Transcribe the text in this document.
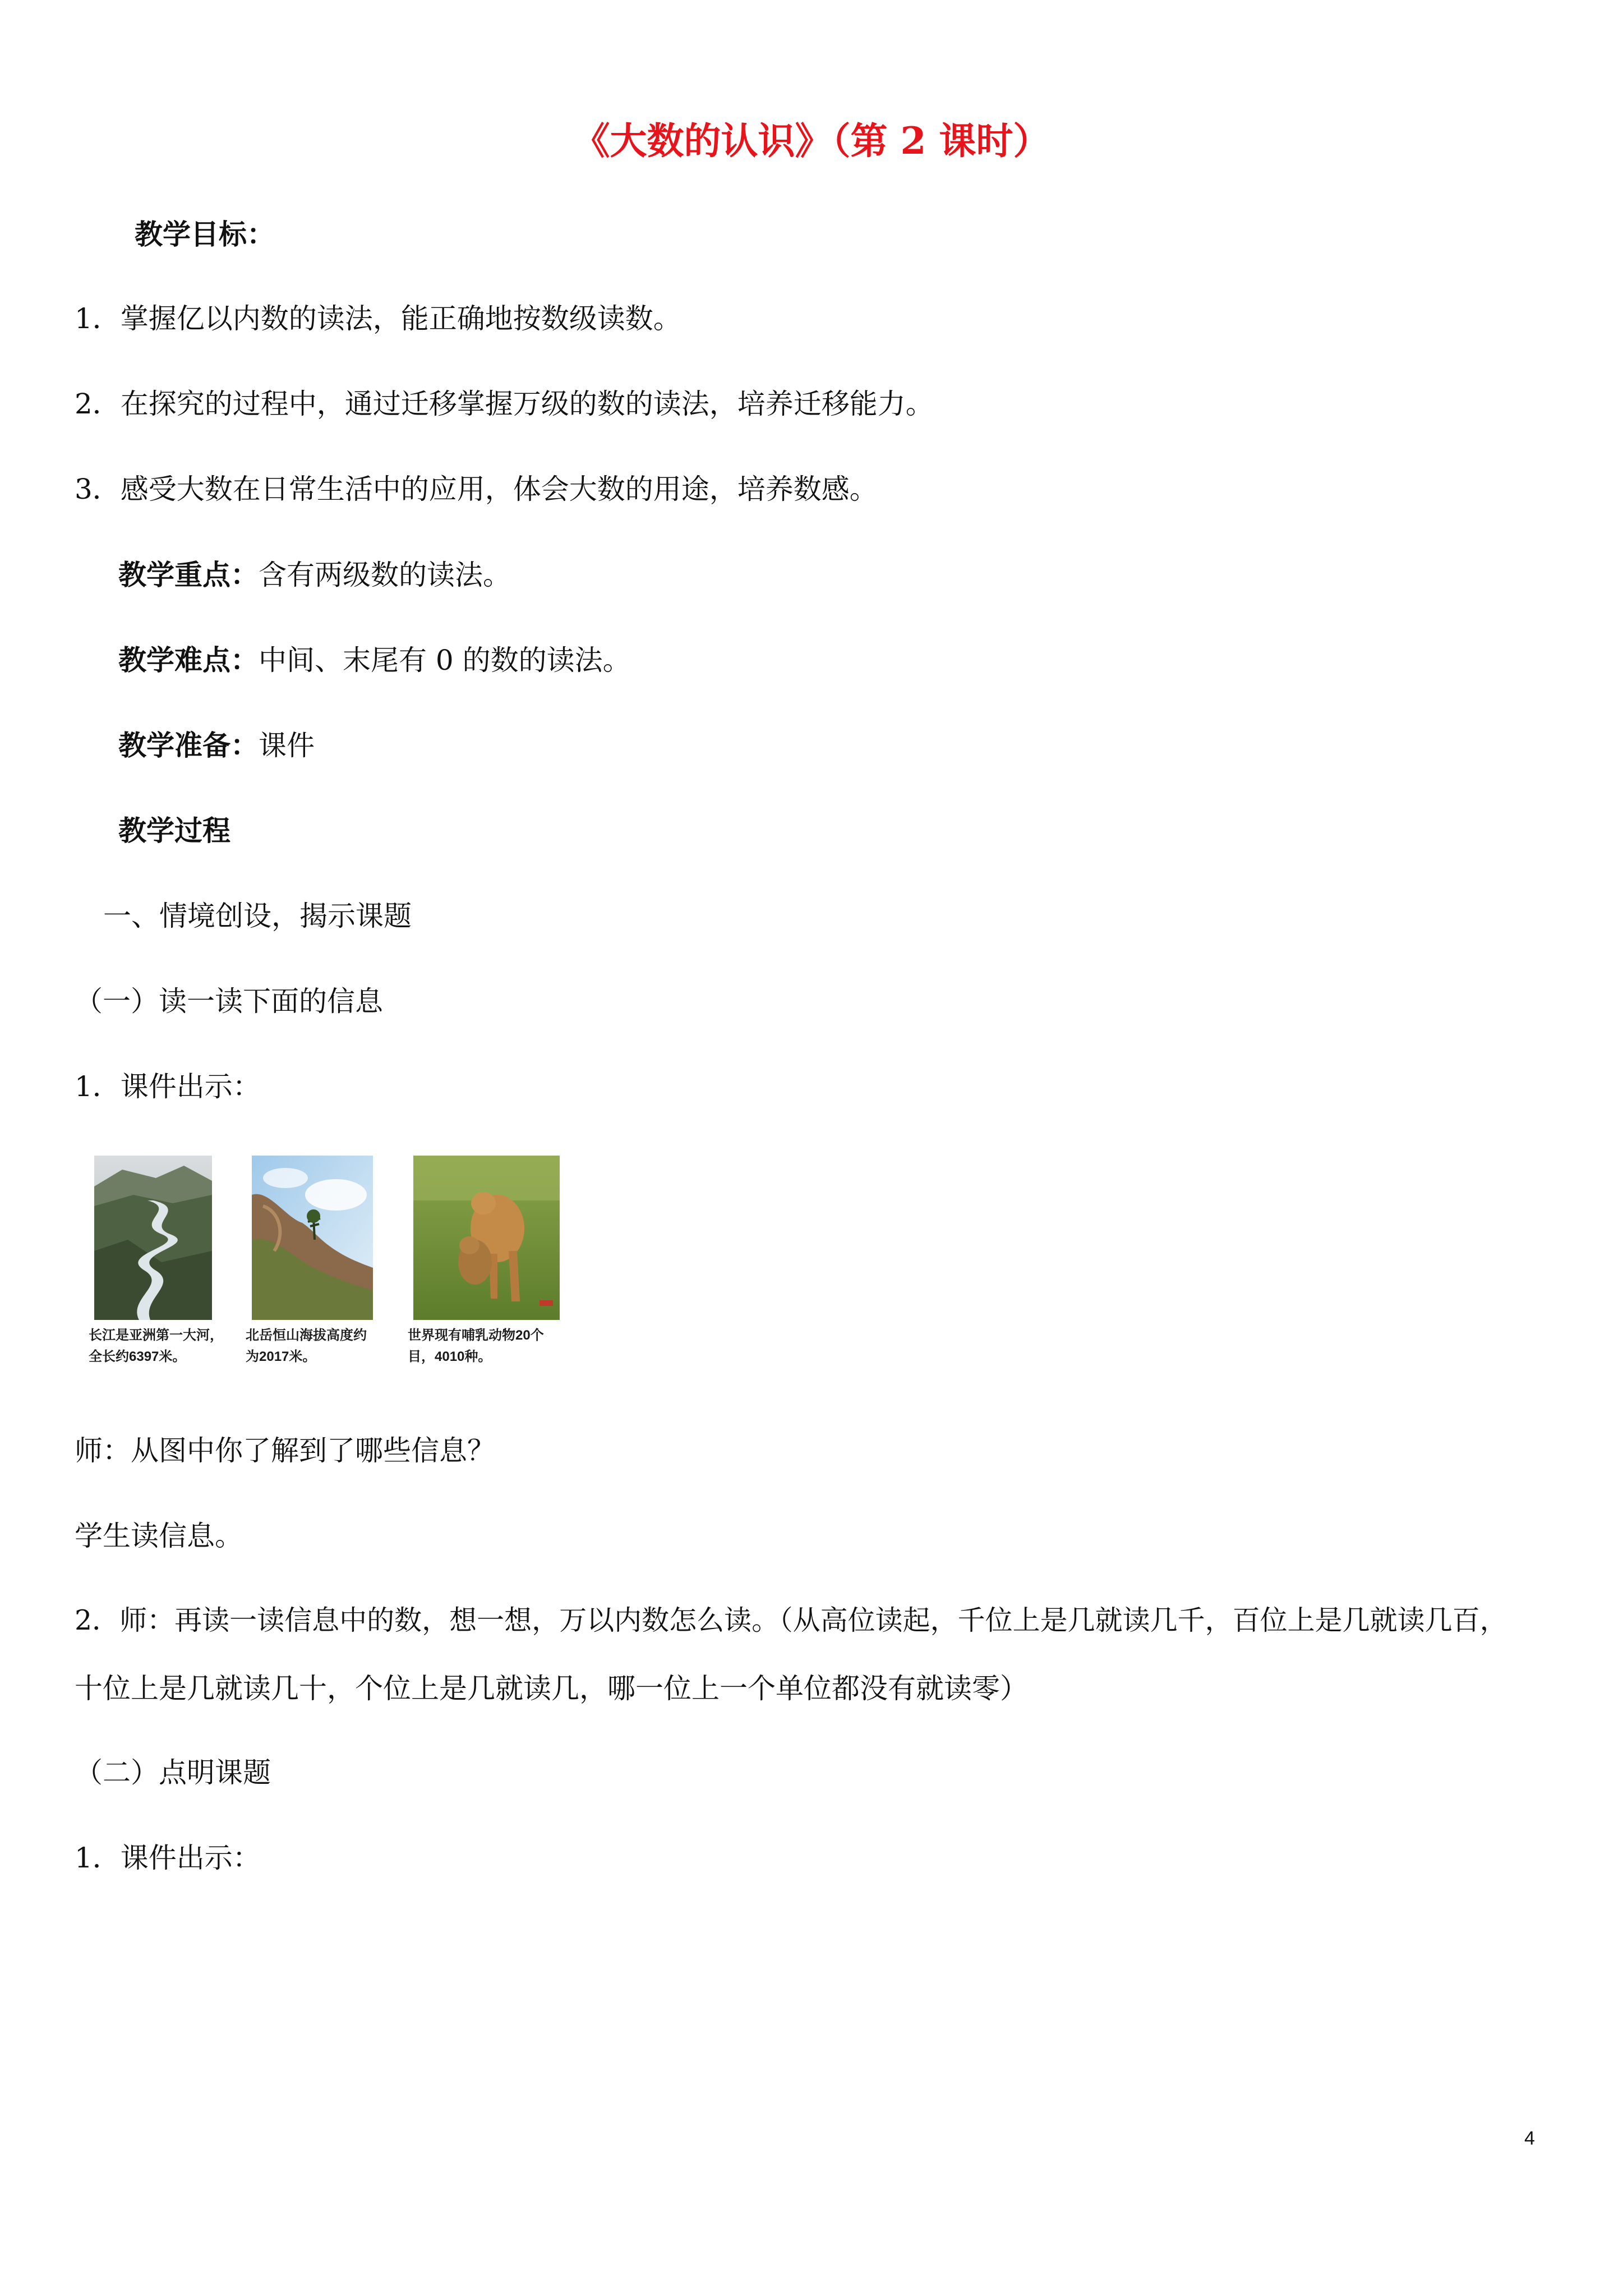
《大数的认识》（第 2 课时）
教学目标：
1．掌握亿以内数的读法，能正确地按数级读数。
2．在探究的过程中，通过迁移掌握万级的数的读法，培养迁移能力。
3．感受大数在日常生活中的应用，体会大数的用途，培养数感。
教学重点：含有两级数的读法。
教学难点：中间、末尾有 0 的数的读法。
教学准备：课件
教学过程
一、情境创设，揭示课题
（一）读一读下面的信息
1．课件出示：
长江是亚洲第一大河，
全长约6397米。
北岳恒山海拔高度约
为2017米。
世界现有哺乳动物20个
目，4010种。
师：从图中你了解到了哪些信息？
学生读信息。
2．师：再读一读信息中的数，想一想，万以内数怎么读。（从高位读起，千位上是几就读几千，百位上是几就读几百，
十位上是几就读几十，个位上是几就读几，哪一位上一个单位都没有就读零）
（二）点明课题
1．课件出示：
4
